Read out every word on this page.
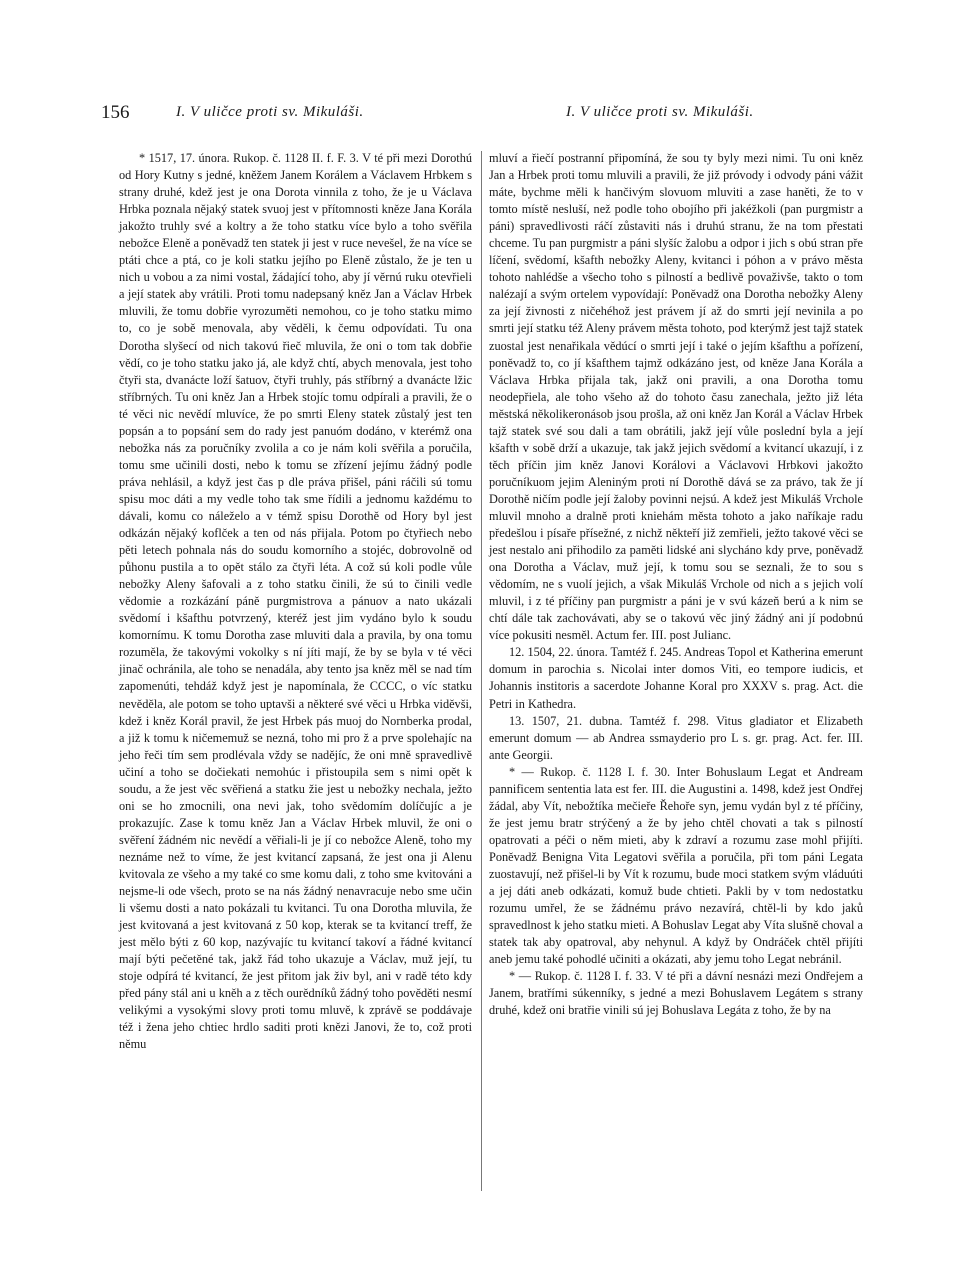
156	I. V uličce proti sv. Mikuláši.	I. V uličce proti sv. Mikuláši.

* 1517, 17. února. Rukop. č. 1128 II. f. F. 3. V té při mezi Dorothú od Hory Kutny s jedné, kněžem Janem Korálem a Václavem Hrbkem s strany druhé, kdež jest je ona Dorota vinnila z toho, že je u Václava Hrbka poznala nějaký statek svuoj jest v přítomnosti kněze Jana Korála jakožto truhly své a koltry a že toho statku více bylo a toho svěřila nebožce Eleně a poněvadž ten statek ji jest v ruce nevešel, že na více se ptáti chce a ptá, co je koli statku jejího po Eleně zůstalo, že je ten u nich u vobou a za nimi vostal, žádající toho, aby jí věrnú ruku otevřieli a její statek aby vrátili. Proti tomu nadepsaný kněz Jan a Václav Hrbek mluvili, že tomu dobřie vyrozuměti nemohou, co je toho statku mimo to, co je sobě menovala, aby věděli, k čemu odpovídati. Tu ona Dorotha slyšecí od nich takovú řieč mluvila, že oni o tom tak dobřie vědí, co je toho statku jako já, ale když chtí, abych menovala, jest toho čtyři sta, dvanácte loží šatuov, čtyři truhly, pás stříbrný a dvanácte lžic stříbrných. Tu oni kněz Jan a Hrbek stojíc tomu odpírali a pravili, že o té věci nic nevědí mluvíce, že po smrti Eleny statek zůstalý jest ten popsán a to popsání sem do rady jest panuóm dodáno, v kterémž ona nebožka nás za poručníky zvolila a co je nám koli svěřila a poručila, tomu sme učinili dosti, nebo k tomu se zřízení jejímu žádný podle práva nehlásil, a když jest čas p dle práva přišel, páni ráčili sú tomu spisu moc dáti a my vedle toho tak sme řídili a jednomu každému to dávali, komu co náleželo a v témž spisu Dorothě od Hory byl jest odkázán nějaký koflček a ten od nás přijala. Potom po čtyřiech nebo pěti letech pohnala nás do soudu komorního a stojéc, dobrovolně od půhonu pustila a to opět stálo za čtyři léta. A což sú koli podle vůle nebožky Aleny šafovali a z toho statku činili, že sú to činili vedle vědomie a rozkázání páně purgmistrova a pánuov a nato ukázali svědomí i kšafthu potvrzený, kteréž jest jim vydáno bylo k soudu komornímu. K tomu Dorotha zase mluviti dala a pravila, by ona tomu rozuměla, že takovými vokolky s ní jíti mají, že by se byla v té věci jinač ochránila, ale toho se nenadála, aby tento jsa kněz měl se nad tím zapomenúti, tehdáž když jest je napomínala, že CCCC, o víc statku nevěděla, ale potom se toho uptavši a některé své věci u Hrbka viděvši, kdež i kněz Korál pravil, že jest Hrbek pás muoj do Nornberka prodal, a již k tomu k ničememuž se nezná, toho mi pro ž a prve spolehajíc na jeho řeči tím sem prodlévala vždy se nadějíc, že oni mně spravedlivě učiní a toho se dočiekati nemohúc i přistoupila sem s nimi opět k soudu, a že jest věc svěřiená a statku žie jest u nebožky nechala, ježto oni se ho zmocnili, ona nevi jak, toho svědomím dolíčujíc a je prokazujíc. Zase k tomu kněz Jan a Václav Hrbek mluvil, že oni o svěření žádném nic nevědí a věřiali-li je jí co nebožce Aleně, toho my neznáme než to víme, že jest kvitancí zapsaná, že jest ona ji Alenu kvitovala ze všeho a my také co sme komu dali, z toho sme kvitováni a nejsme-li ode všech, proto se na nás žádný nenavracuje nebo sme učin li všemu dosti a nato pokázali tu kvitanci. Tu ona Dorotha mluvila, že jest kvitovaná a jest kvitovaná z 50 kop, kterak se ta kvitancí treff, že jest mělo býti z 60 kop, nazývajíc tu kvitancí takoví a řádné kvitancí mají býti pečetěné tak, jakž řád toho ukazuje a Václav, muž její, tu stoje odpírá té kvitancí, že jest přitom jak živ byl, ani v radě této kdy před pány stál ani u kněh a z těch ourědníků žádný toho pověděti nesmí velikými a vysokými slovy proti tomu mluvě, k zprávě se poddávaje též i žena jeho chtiec hrdlo saditi proti knězi Janovi, že to, což proti němu

mluví a řiečí postranní připomíná, že sou ty byly mezi nimi. Tu oni kněz Jan a Hrbek proti tomu mluvili a pravili, že již próvody i odvody páni vážit máte, bychme měli k hančivým slovuom mluviti a zase haněti, že to v tomto místě nesluší, než podle toho obojího při jakéžkoli (pan purgmistr a páni) spravedlivosti ráčí zůstaviti nás i druhú stranu, že na tom přestati chceme. Tu pan purgmistr a páni slyšíc žalobu a odpor i jich s obú stran pře líčení, svědomí, kšafth nebožky Aleny, kvitanci i póhon a v právo města tohoto nahlédše a všecho toho s pilností a bedlivě považivše, takto o tom nalézají a svým ortelem vypovídají: Poněvadž ona Dorotha nebožky Aleny za její živnosti z ničehéhož jest právem jí až do smrti její nevinila a po smrti její statku též Aleny právem města tohoto, pod kterýmž jest tajž statek zuostal jest nenařikala vědúcí o smrti její i také o jejím kšafthu a pořízení, poněvadž to, co jí kšafthem tajmž odkázáno jest, od kněze Jana Korála a Václava Hrbka přijala tak, jakž oni pravili, a ona Dorotha tomu neodepřiela, ale toho všeho až do tohoto času zanechala, ježto již léta městská několikeronásob jsou prošla, až oni kněz Jan Korál a Václav Hrbek tajž statek své sou dali a tam obrátili, jakž její vůle poslední byla a její kšafth v sobě drží a ukazuje, tak jakž jejich svědomí a kvitancí ukazují, i z těch příčin jim kněz Janovi Korálovi a Václavovi Hrbkovi jakožto poručníkuom jejim Aleniným proti ní Dorothě dává se za právo, tak že jí Dorothě ničím podle její žaloby povinni nejsú. A kdež jest Mikuláš Vrchole mluvil mnoho a dralně proti kniehám města tohoto a jako naříkaje radu předešlou i písaře přísežné, z nichž někteří již zemřieli, ježto takové věci se jest nestalo ani přihodilo za paměti lidské ani slycháno kdy prve, poněvadž ona Dorotha a Václav, muž její, k tomu sou se seznali, že to sou s vědomím, ne s vuolí jejich, a však Mikuláš Vrchole od nich a s jejich volí mluvil, i z té příčiny pan purgmistr a páni je v svú kázeň berú a k nim se chtí dále tak zachovávati, aby se o takovú věc jiný žádný ani jí podobnú více pokusiti nesměl. Actum fer. III. post Julianc.

12. 1504, 22. února. Tamtéž f. 245. Andreas Topol et Katherina emerunt domum in parochia s. Nicolai inter domos Viti, eo tempore iudicis, et Johannis institoris a sacerdote Johanne Koral pro XXXV s. prag. Act. die Petri in Kathedra.

13. 1507, 21. dubna. Tamtéž f. 298. Vitus gladiator et Elizabeth emerunt domum — ab Andrea ssmayderio pro L s. gr. prag. Act. fer. III. ante Georgii.

* — Rukop. č. 1128 I. f. 30. Inter Bohuslaum Legat et Andream pannificem sententia lata est fer. III. die Augustini a. 1498, kdež jest Ondřej žádal, aby Vít, nebožtíka mečieře Řehoře syn, jemu vydán byl z té příčiny, že jest jemu bratr strýčený a že by jeho chtěl chovati a tak s pilností opatrovati a péči o něm mieti, aby k zdraví a rozumu zase mohl přijíti. Poněvadž Benigna Vita Legatovi svěřila a poručila, při tom páni Legata zuostavují, než přišel-li by Vít k rozumu, bude moci statkem svým vláduúti a jej dáti aneb odkázati, komuž bude chtieti. Pakli by v tom nedostatku rozumu umřel, že se žádnému právo nezavírá, chtěl-li by kdo jaků spravedlnost k jeho statku mieti. A Bohuslav Legat aby Víta slušně choval a statek tak aby opatroval, aby nehynul. A když by Ondráček chtěl přijíti aneb jemu také pohodlé učiniti a okázati, aby jemu toho Legat nebránil.

* — Rukop. č. 1128 I. f. 33. V té při a dávní nesnázi mezi Ondřejem a Janem, bratřími súkenníky, s jedné a mezi Bohuslavem Legátem s strany druhé, kdež oni bratřie vinili sú jej Bohuslava Legáta z toho, že by na
